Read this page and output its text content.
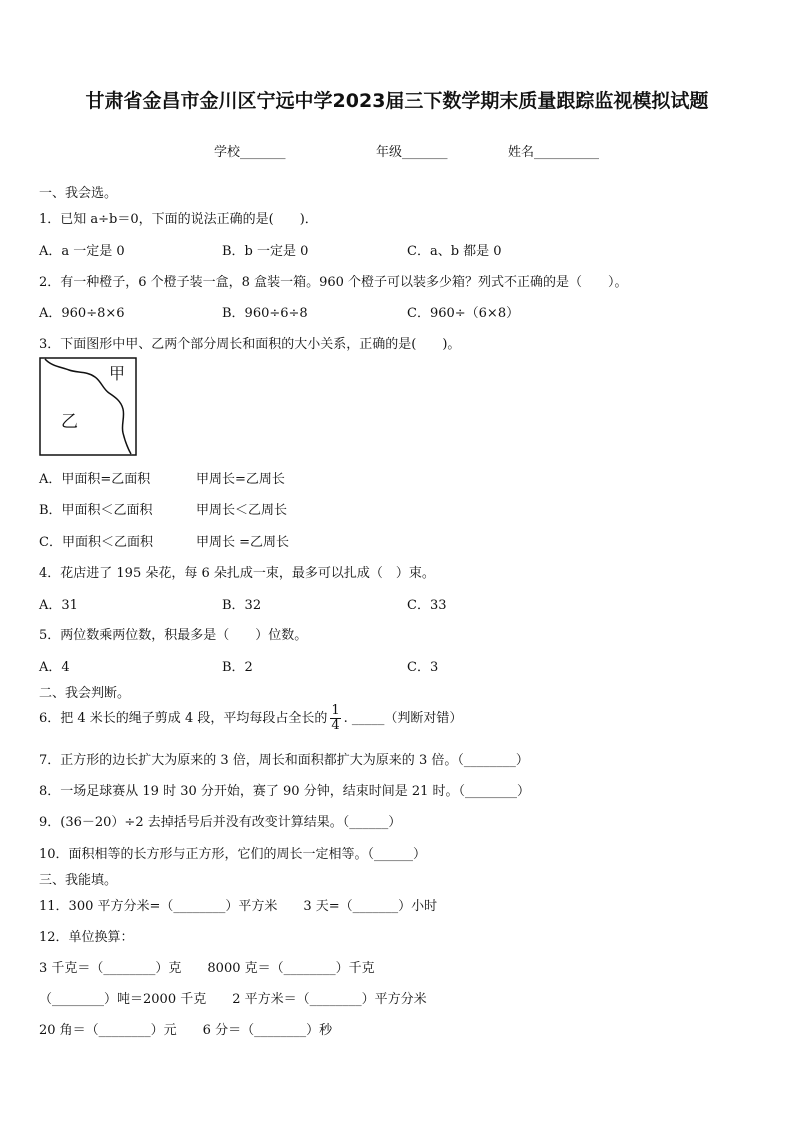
甘肃省金昌市金川区宁远中学2023届三下数学期末质量跟踪监视模拟试题
学校_______	年级_______	姓名__________
一、我会选。
1．已知 a÷b＝0，下面的说法正确的是(　　)．
A．a 一定是 0	B．b 一定是 0	C．a、b 都是 0
2．有一种橙子，6 个橙子装一盒，8 盒装一箱。960 个橙子可以装多少箱？列式不正确的是（　　）。
A．960÷8×6	B．960÷6÷8	C．960÷（6×8）
3．下面图形中甲、乙两个部分周长和面积的大小关系，正确的是(　　)。
甲
乙
A．甲面积=乙面积	甲周长=乙周长
B．甲面积＜乙面积	甲周长＜乙周长
C．甲面积＜乙面积	甲周长 =乙周长
4．花店进了 195 朵花，每 6 朵扎成一束，最多可以扎成（　）束。
A．31	B．32	C．33
5．两位数乘两位数，积最多是（　　）位数。
A．4	B．2	C．3
二、我会判断。
6．把 4 米长的绳子剪成 4 段，平均每段占全长的 $\frac{1}{4}$ . _____（判断对错）
7．正方形的边长扩大为原来的 3 倍，周长和面积都扩大为原来的 3 倍。（________）
8．一场足球赛从 19 时 30 分开始，赛了 90 分钟，结束时间是 21 时。（________）
9．(36－20）÷2 去掉括号后并没有改变计算结果。（______）
10．面积相等的长方形与正方形，它们的周长一定相等。（______）
三、我能填。
11．300 平方分米=（________）平方米　　3 天=（_______）小时
12．单位换算：
3 千克＝（________）克　　8000 克＝（________）千克
（________）吨＝2000 千克　　2 平方米＝（________）平方分米
20 角＝（________）元　　6 分＝（________）秒
